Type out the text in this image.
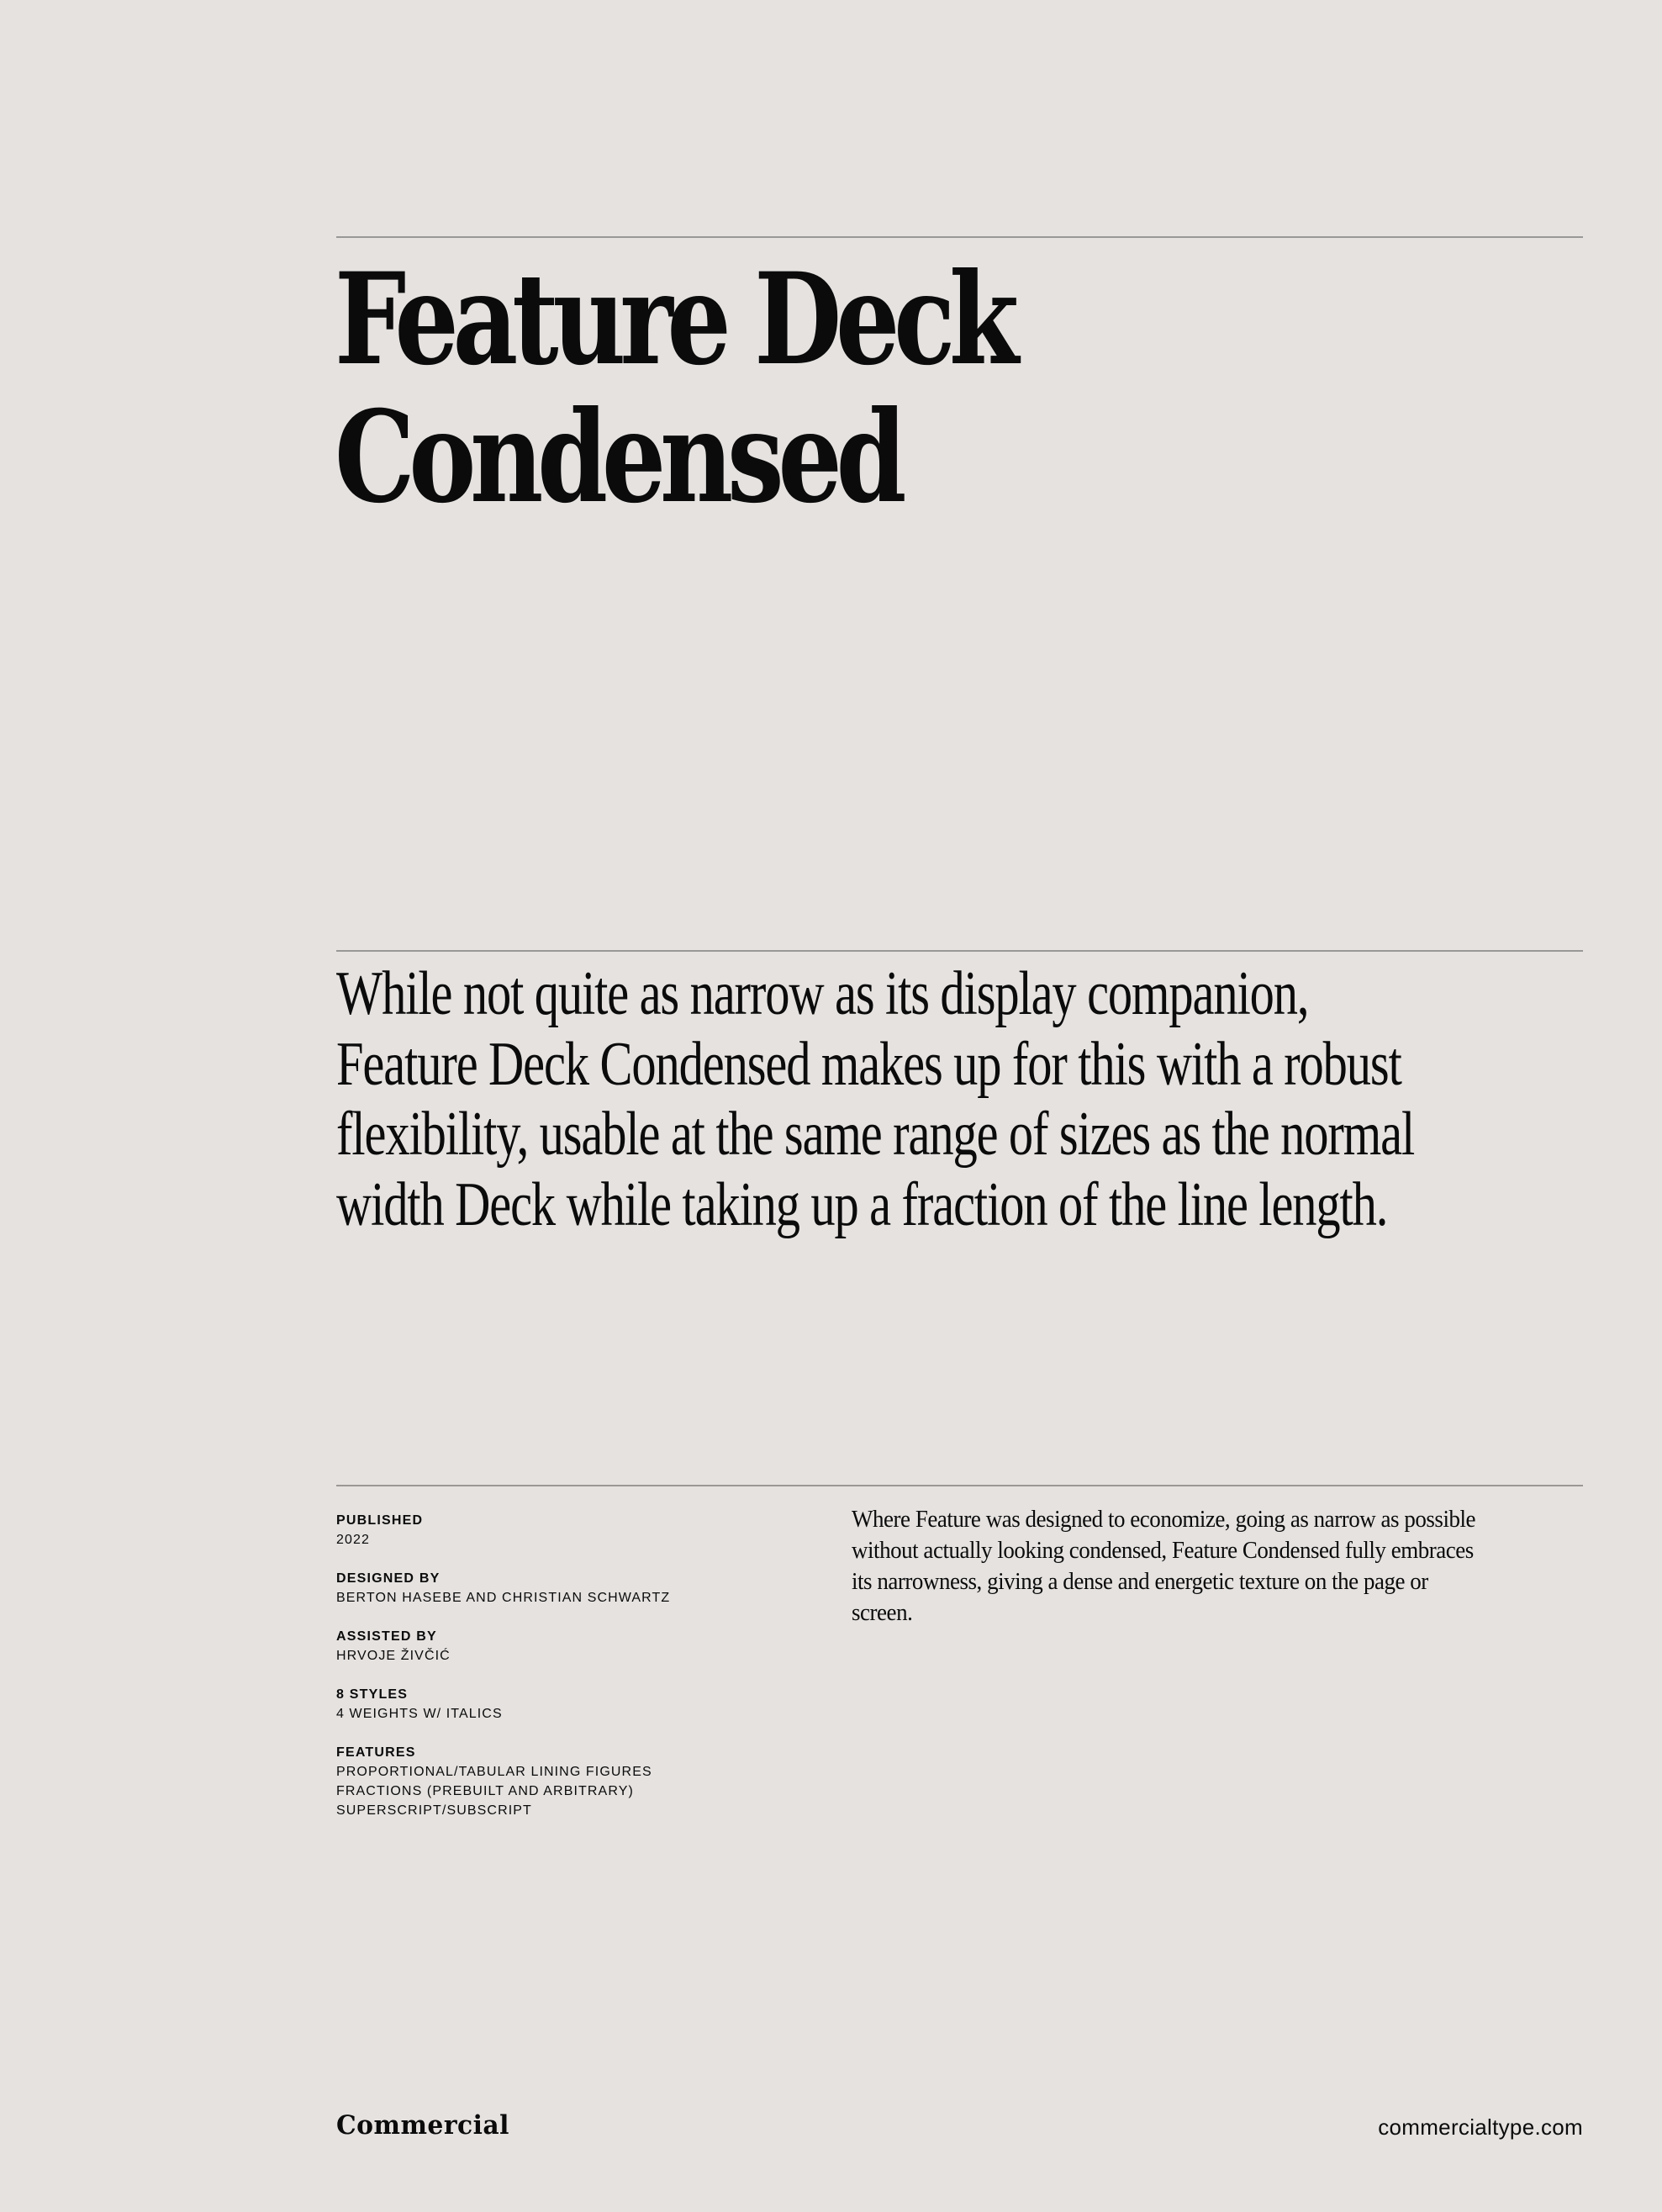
Feature Deck
Condensed

While not quite as narrow as its display companion, Feature Deck Condensed makes up for this with a robust flexibility, usable at the same range of sizes as the normal width Deck while taking up a fraction of the line length.

PUBLISHED
2022
DESIGNED BY
BERTON HASEBE AND CHRISTIAN SCHWARTZ
ASSISTED BY
HRVOJE ŽIVČIĆ
8 STYLES
4 WEIGHTS W/ ITALICS
FEATURES
PROPORTIONAL/TABULAR LINING FIGURES
FRACTIONS (PREBUILT AND ARBITRARY)
SUPERSCRIPT/SUBSCRIPT

Where Feature was designed to economize, going as narrow as possible without actually looking condensed, Feature Condensed fully embraces its narrowness, giving a dense and energetic texture on the page or screen.

Commercial	commercialtype.com
